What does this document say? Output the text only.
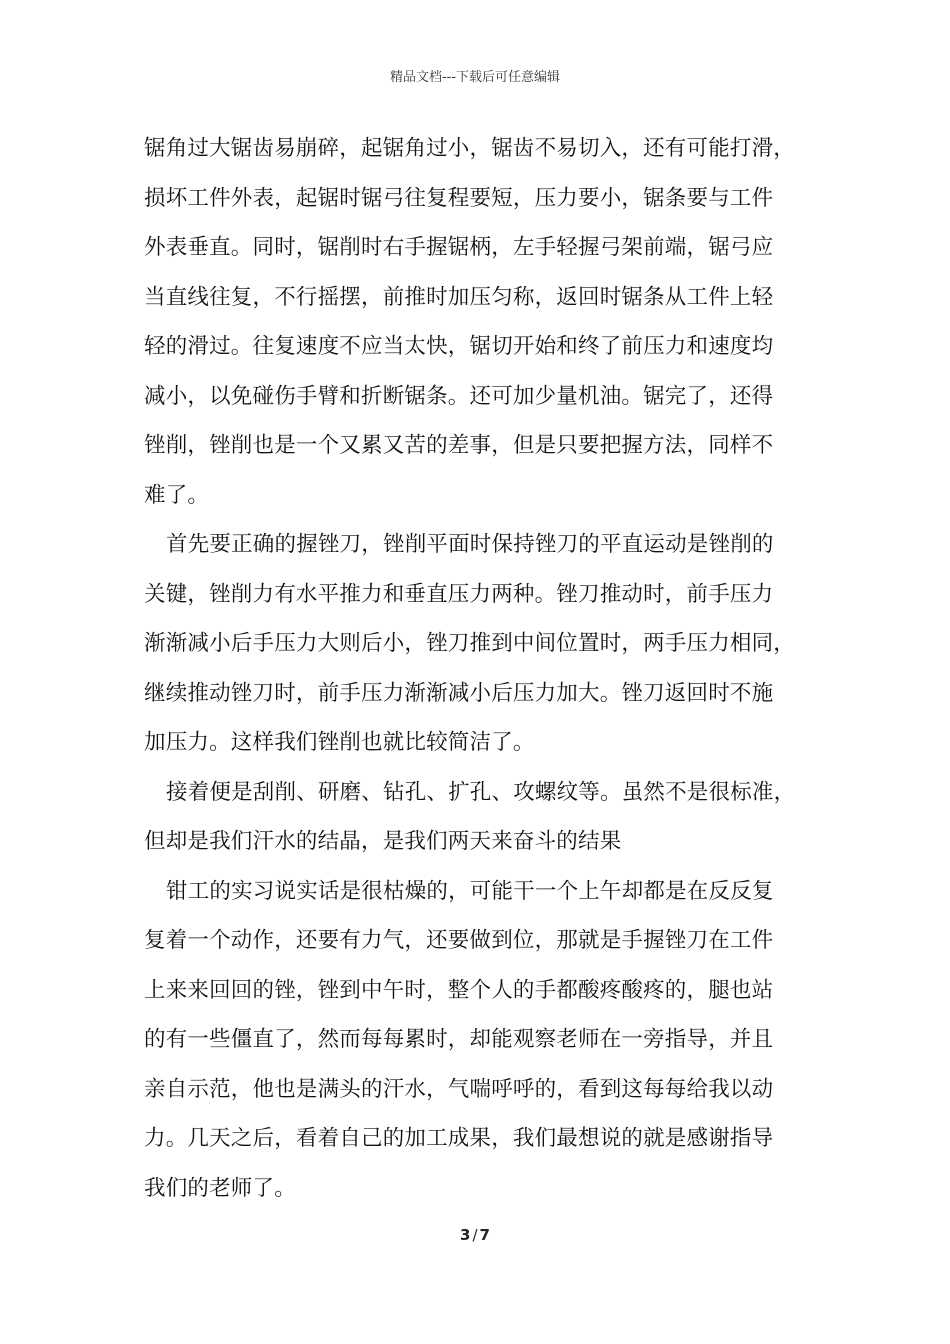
精品文档---下载后可任意编辑
锯角过大锯齿易崩碎，起锯角过小，锯齿不易切入，还有可能打滑，
损坏工件外表，起锯时锯弓往复程要短，压力要小，锯条要与工件
外表垂直。同时，锯削时右手握锯柄，左手轻握弓架前端，锯弓应
当直线往复，不行摇摆，前推时加压匀称，返回时锯条从工件上轻
轻的滑过。往复速度不应当太快，锯切开始和终了前压力和速度均
减小，以免碰伤手臂和折断锯条。还可加少量机油。锯完了，还得
锉削，锉削也是一个又累又苦的差事，但是只要把握方法，同样不
难了。
首先要正确的握锉刀，锉削平面时保持锉刀的平直运动是锉削的
关键，锉削力有水平推力和垂直压力两种。锉刀推动时，前手压力
渐渐减小后手压力大则后小，锉刀推到中间位置时，两手压力相同，
继续推动锉刀时，前手压力渐渐减小后压力加大。锉刀返回时不施
加压力。这样我们锉削也就比较简洁了。
接着便是刮削、研磨、钻孔、扩孔、攻螺纹等。虽然不是很标准，
但却是我们汗水的结晶，是我们两天来奋斗的结果
钳工的实习说实话是很枯燥的，可能干一个上午却都是在反反复
复着一个动作，还要有力气，还要做到位，那就是手握锉刀在工件
上来来回回的锉，锉到中午时，整个人的手都酸疼酸疼的，腿也站
的有一些僵直了，然而每每累时，却能观察老师在一旁指导，并且
亲自示范，他也是满头的汗水，气喘呼呼的，看到这每每给我以动
力。几天之后，看着自己的加工成果，我们最想说的就是感谢指导
我们的老师了。
3 / 7
